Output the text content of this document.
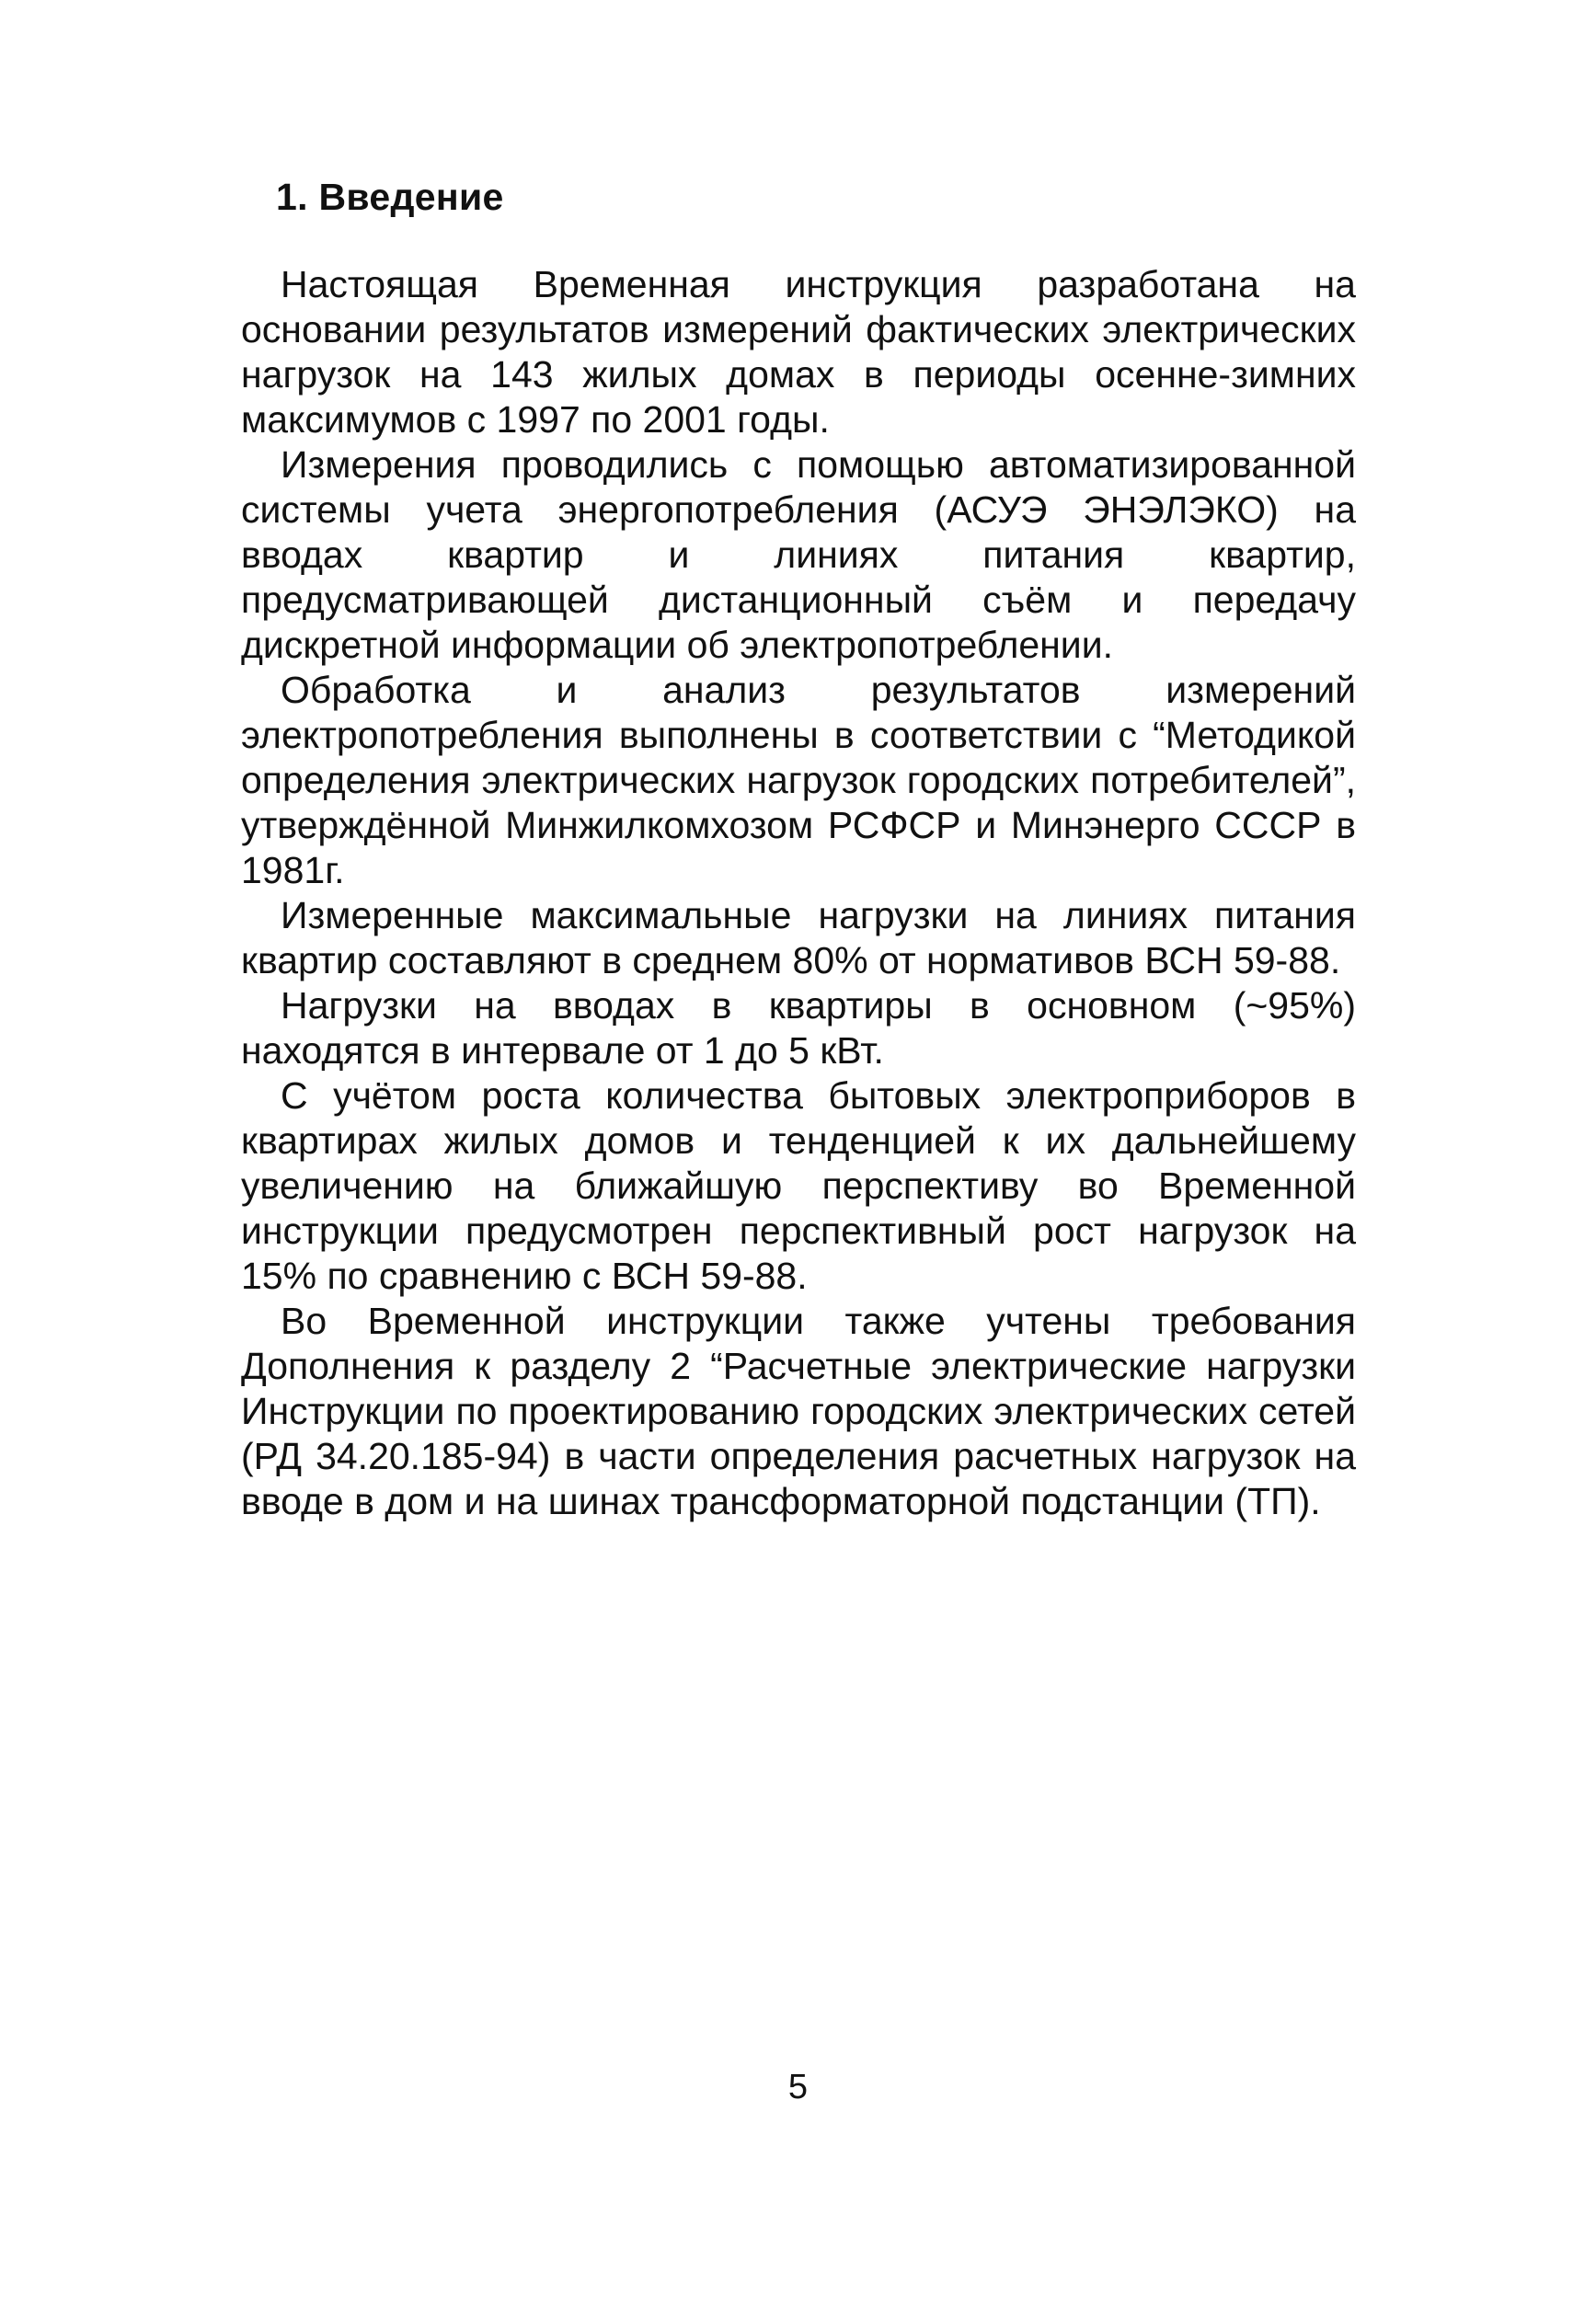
1. Введение

Настоящая Временная инструкция разработана на основании результатов измерений фактических электрических нагрузок на 143 жилых домах в периоды осенне-зимних максимумов с 1997 по 2001 годы.

Измерения проводились с помощью автоматизированной системы учета энергопотребления (АСУЭ ЭНЭЛЭКО) на вводах квартир и линиях питания квартир, предусматривающей дистанционный съём и передачу дискретной информации об электропотреблении.

Обработка и анализ результатов измерений электропотребления выполнены в соответствии с “Методикой определения электрических нагрузок городских потребителей”, утверждённой Минжилкомхозом РСФСР и Минэнерго СССР в 1981г.

Измеренные максимальные нагрузки на линиях питания квартир составляют в среднем 80% от нормативов ВСН 59-88.

Нагрузки на вводах в квартиры в основном (~95%) находятся в интервале от 1 до 5 кВт.

С учётом роста количества бытовых электроприборов в квартирах жилых домов и тенденцией к их дальнейшему увеличению на ближайшую перспективу во Временной инструкции предусмотрен перспективный рост нагрузок на 15% по сравнению с ВСН 59-88.

Во Временной инструкции также учтены требования Дополнения к разделу 2 “Расчетные электрические нагрузки Инструкции по проектированию городских электрических сетей (РД 34.20.185-94) в части определения расчетных нагрузок на вводе в дом и на шинах трансформаторной подстанции (ТП).

5
